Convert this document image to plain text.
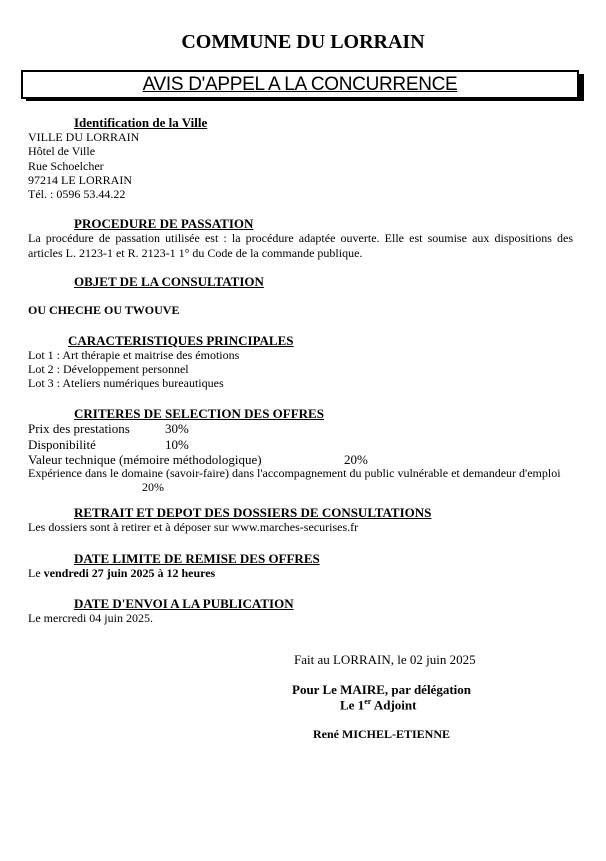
COMMUNE DU LORRAIN
AVIS D'APPEL A LA CONCURRENCE
Identification de la Ville
VILLE DU LORRAIN
Hôtel de Ville
Rue Schoelcher
97214 LE LORRAIN
Tél. : 0596 53.44.22
PROCEDURE DE PASSATION
La procédure de passation utilisée est : la procédure adaptée ouverte. Elle est soumise aux dispositions des articles L. 2123-1 et R. 2123-1 1° du Code de la commande publique.
OBJET DE LA CONSULTATION
OU CHECHE OU TWOUVE
CARACTERISTIQUES PRINCIPALES
Lot 1 : Art thérapie et maitrise des émotions
Lot 2 : Développement personnel
Lot 3 : Ateliers numériques bureautiques
CRITERES DE SELECTION DES OFFRES
Prix des prestations	30%
Disponibilité	10%
Valeur technique (mémoire méthodologique)	20%
Expérience dans le domaine (savoir-faire) dans l'accompagnement du public vulnérable et demandeur d'emploi
20%
RETRAIT ET DEPOT DES DOSSIERS DE CONSULTATIONS
Les dossiers sont à retirer et à déposer sur www.marches-securises.fr
DATE LIMITE DE REMISE DES OFFRES
Le vendredi 27 juin 2025 à 12 heures
DATE D'ENVOI A LA PUBLICATION
Le mercredi 04 juin 2025.
Fait au LORRAIN, le 02 juin 2025
Pour Le MAIRE, par délégation
Le 1er Adjoint
René MICHEL-ETIENNE
